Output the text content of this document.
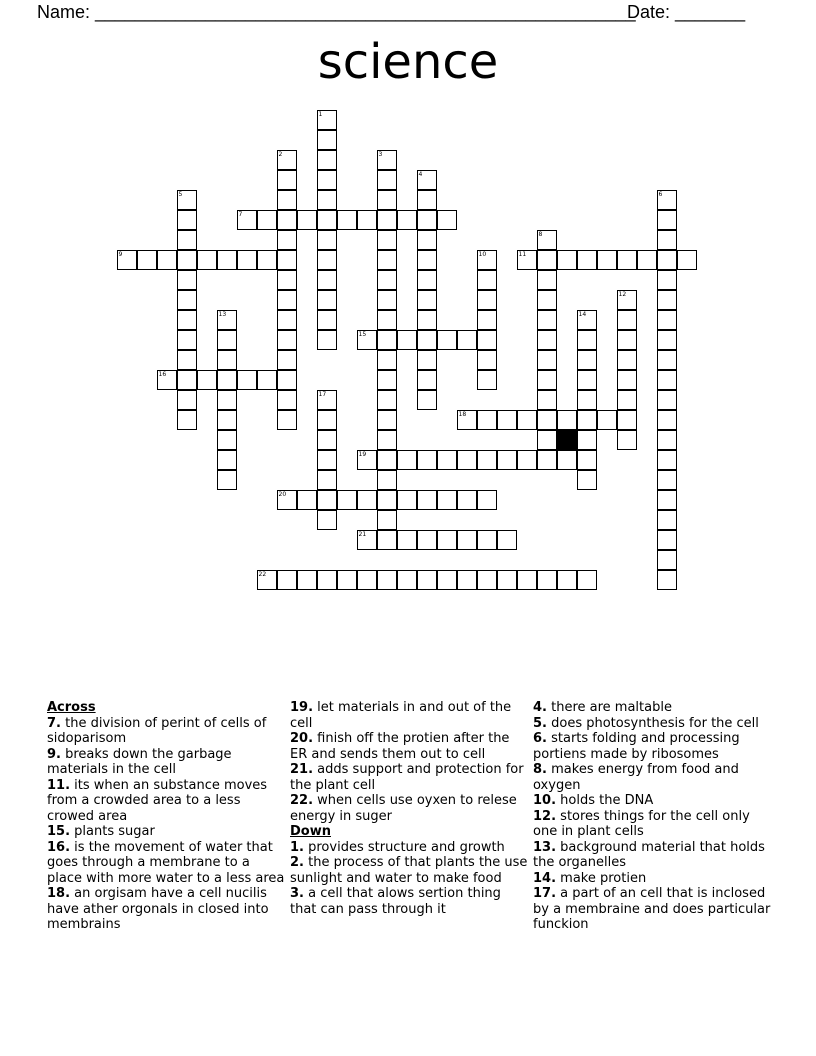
Name: ______________________________________________________
Date: _______
science
1
2	3
4
5	6
7
8
9	10	11
12
13	14
15
16
17
18
19
20
21
22
Across
7. the division of perint of cells of sidoparisom
9. breaks down the garbage materials in the cell
11. its when an substance moves from a crowded area to a less crowed area
15. plants sugar
16. is the movement of water that goes through a membrane to a place with more water to a less area
18. an orgisam have a cell nucilis have ather orgonals in closed into membrains
19. let materials in and out of the cell
20. finish off the protien after the ER and sends them out to cell
21. adds support and protection for the plant cell
22. when cells use oyxen to relese energy in suger
Down
1. provides structure and growth
2. the process of that plants the use sunlight and water to make food
3. a cell that alows sertion thing that can pass through it
4. there are maltable
5. does photosynthesis for the cell
6. starts folding and processing portiens made by ribosomes
8. makes energy from food and oxygen
10. holds the DNA
12. stores things for the cell only one in plant cells
13. background material that holds the organelles
14. make protien
17. a part of an cell that is inclosed by a membraine and does particular funckion
